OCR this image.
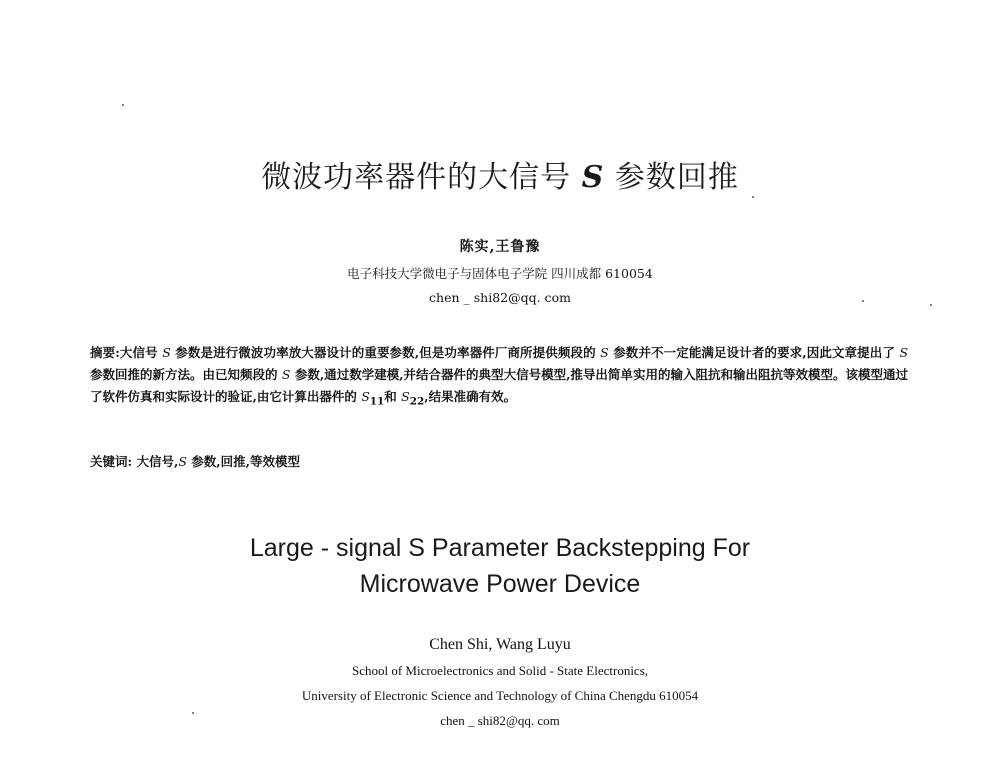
微波功率器件的大信号 S 参数回推
陈实,王鲁豫
电子科技大学微电子与固体电子学院 四川成都 610054
chen _ shi82@qq. com
摘要:大信号 S 参数是进行微波功率放大器设计的重要参数,但是功率器件厂商所提供频段的 S 参数并不一定能满足设计者的要求,因此文章提出了 S 参数回推的新方法。由已知频段的 S 参数,通过数学建模,并结合器件的典型大信号模型,推导出简单实用的输入阻抗和输出阻抗等效模型。该模型通过了软件仿真和实际设计的验证,由它计算出器件的 $S_{11}$和 $S_{22}$,结果准确有效。
关键词: 大信号,S 参数,回推,等效模型
Large - signal S Parameter Backstepping For
Microwave Power Device
Chen Shi, Wang Luyu
School of Microelectronics and Solid - State Electronics,
University of Electronic Science and Technology of China Chengdu 610054
chen _ shi82@qq. com
